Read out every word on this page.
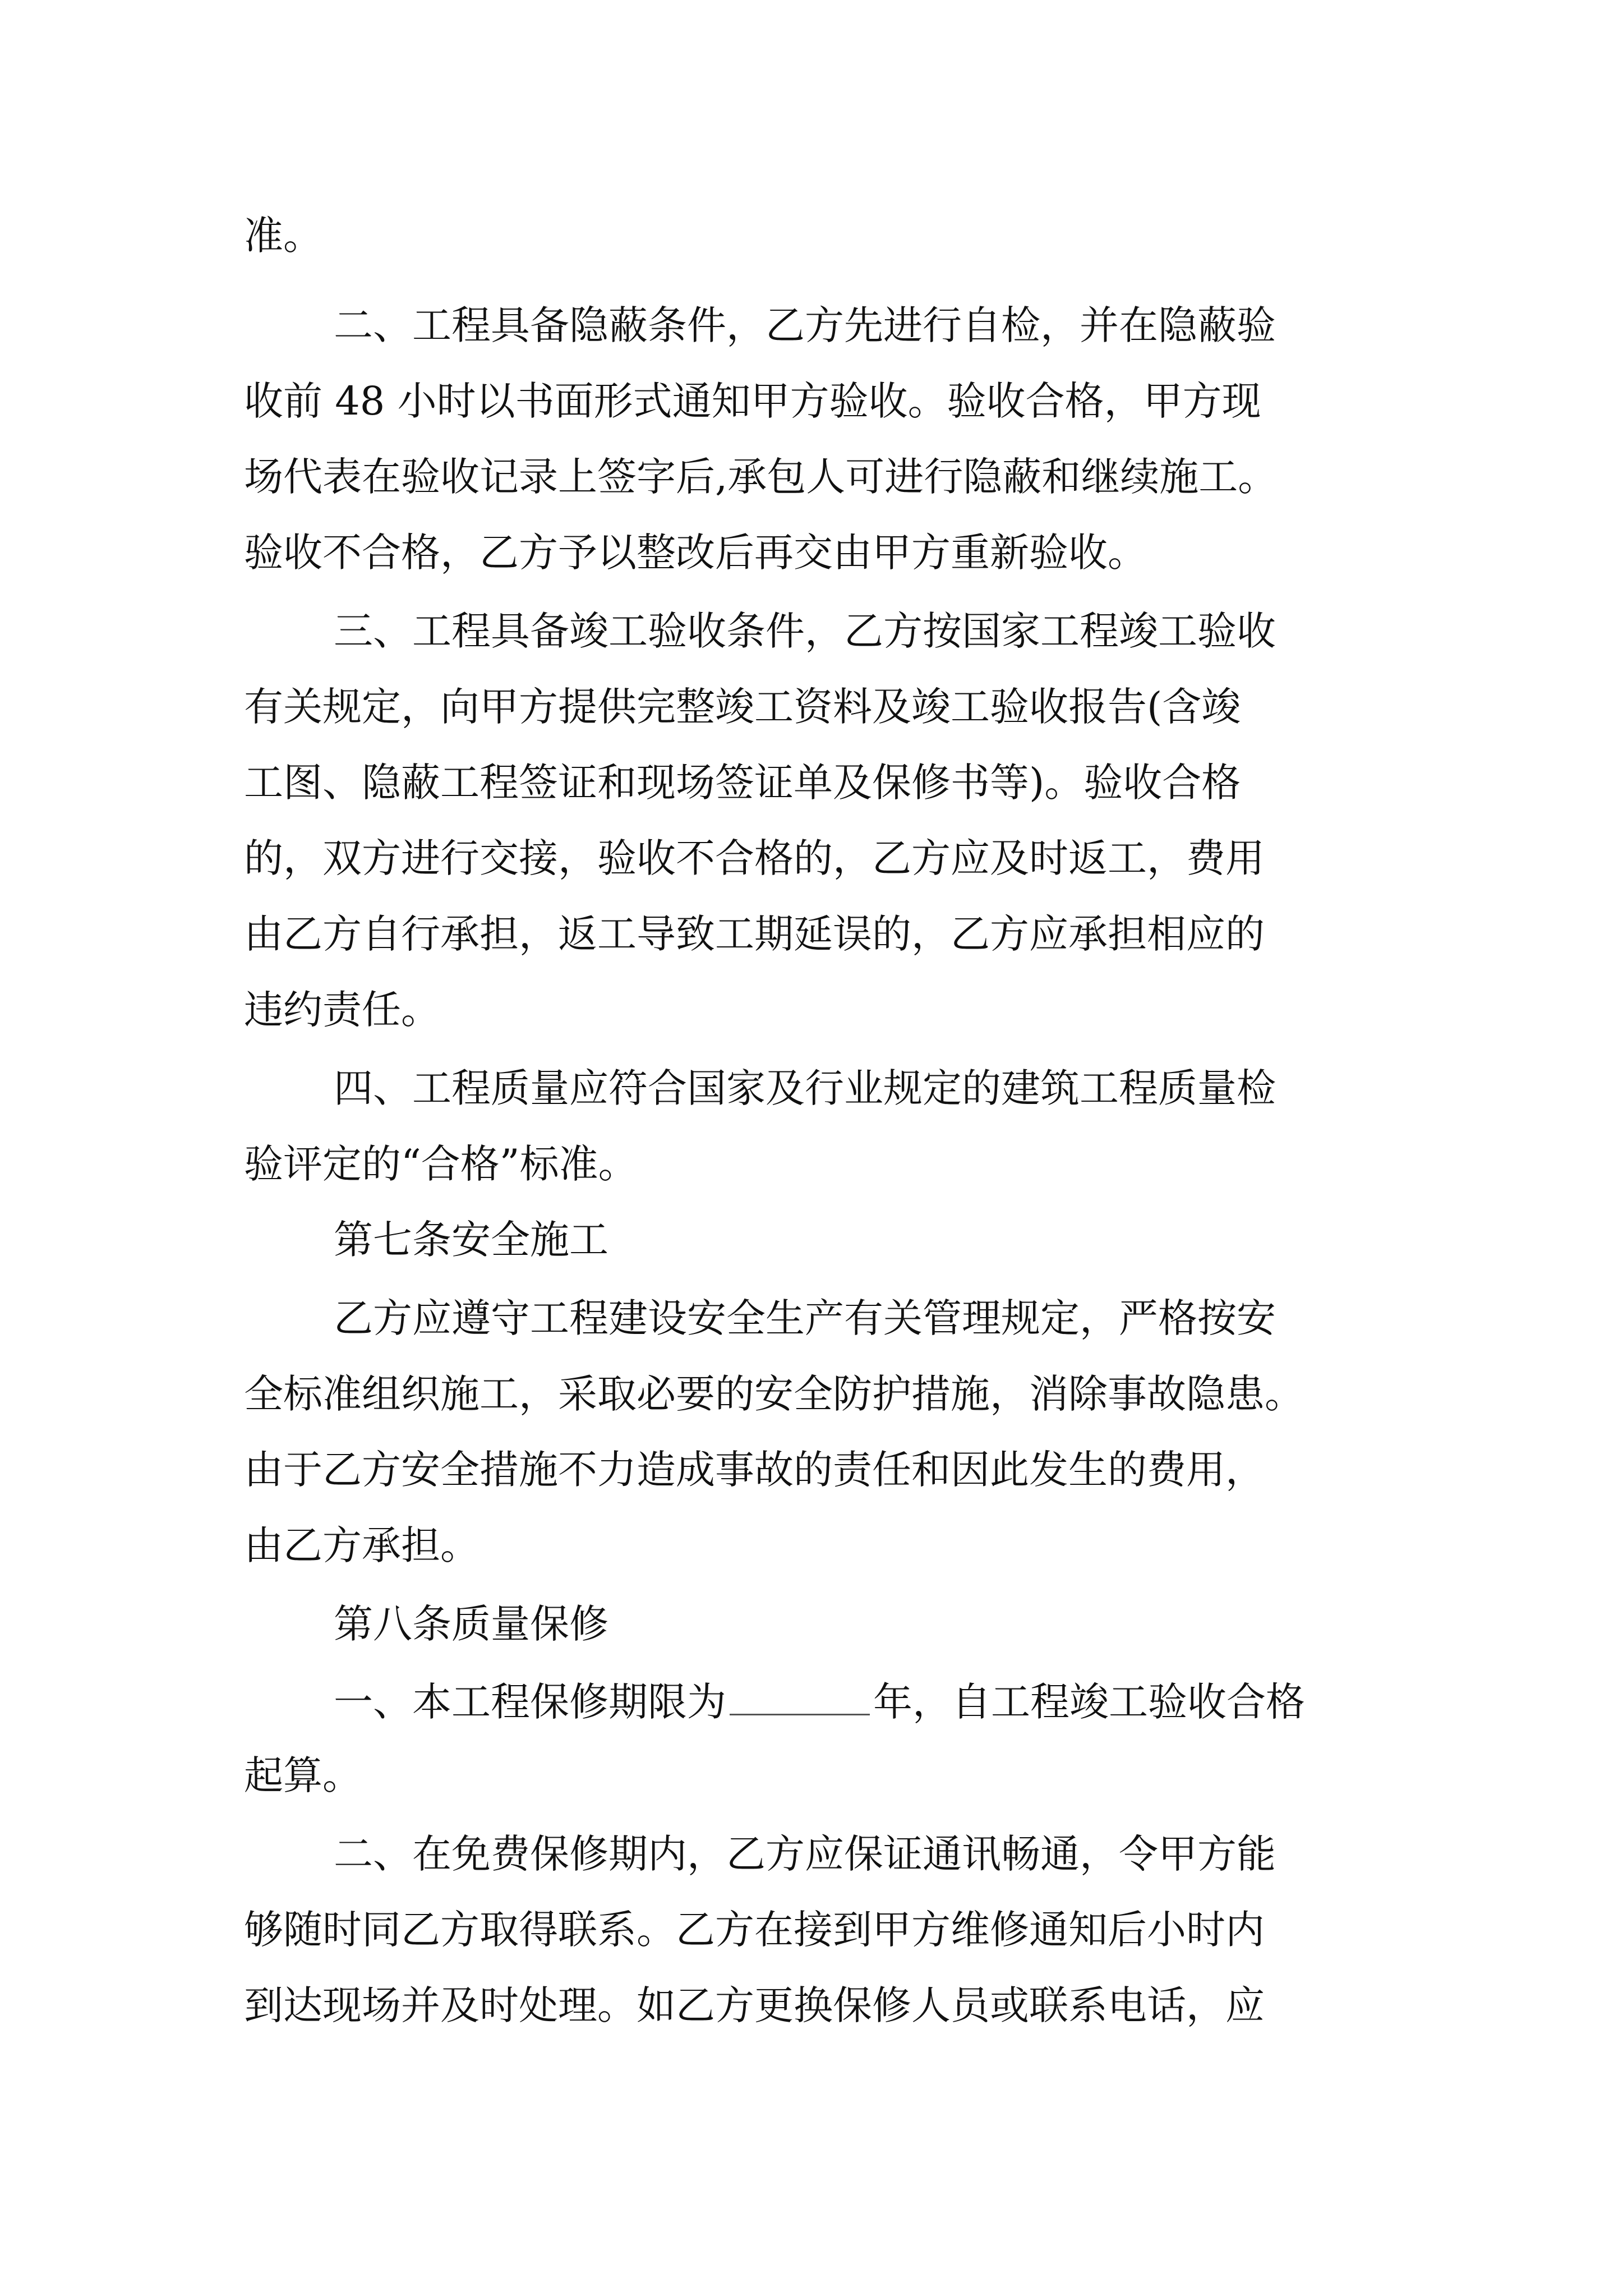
准。

二、工程具备隐蔽条件，乙方先进行自检，并在隐蔽验

收前 48 小时以书面形式通知甲方验收。验收合格，甲方现

场代表在验收记录上签字后,承包人可进行隐蔽和继续施工。

验收不合格，乙方予以整改后再交由甲方重新验收。

三、工程具备竣工验收条件，乙方按国家工程竣工验收

有关规定，向甲方提供完整竣工资料及竣工验收报告(含竣

工图、隐蔽工程签证和现场签证单及保修书等)。验收合格

的，双方进行交接，验收不合格的，乙方应及时返工，费用

由乙方自行承担，返工导致工期延误的，乙方应承担相应的

违约责任。

四、工程质量应符合国家及行业规定的建筑工程质量检

验评定的“合格”标准。

第七条安全施工

乙方应遵守工程建设安全生产有关管理规定，严格按安

全标准组织施工，采取必要的安全防护措施，消除事故隐患。

由于乙方安全措施不力造成事故的责任和因此发生的费用，

由乙方承担。

第八条质量保修

一、本工程保修期限为	年，自工程竣工验收合格

起算。

二、在免费保修期内，乙方应保证通讯畅通，令甲方能

够随时同乙方取得联系。乙方在接到甲方维修通知后小时内

到达现场并及时处理。如乙方更换保修人员或联系电话，应
